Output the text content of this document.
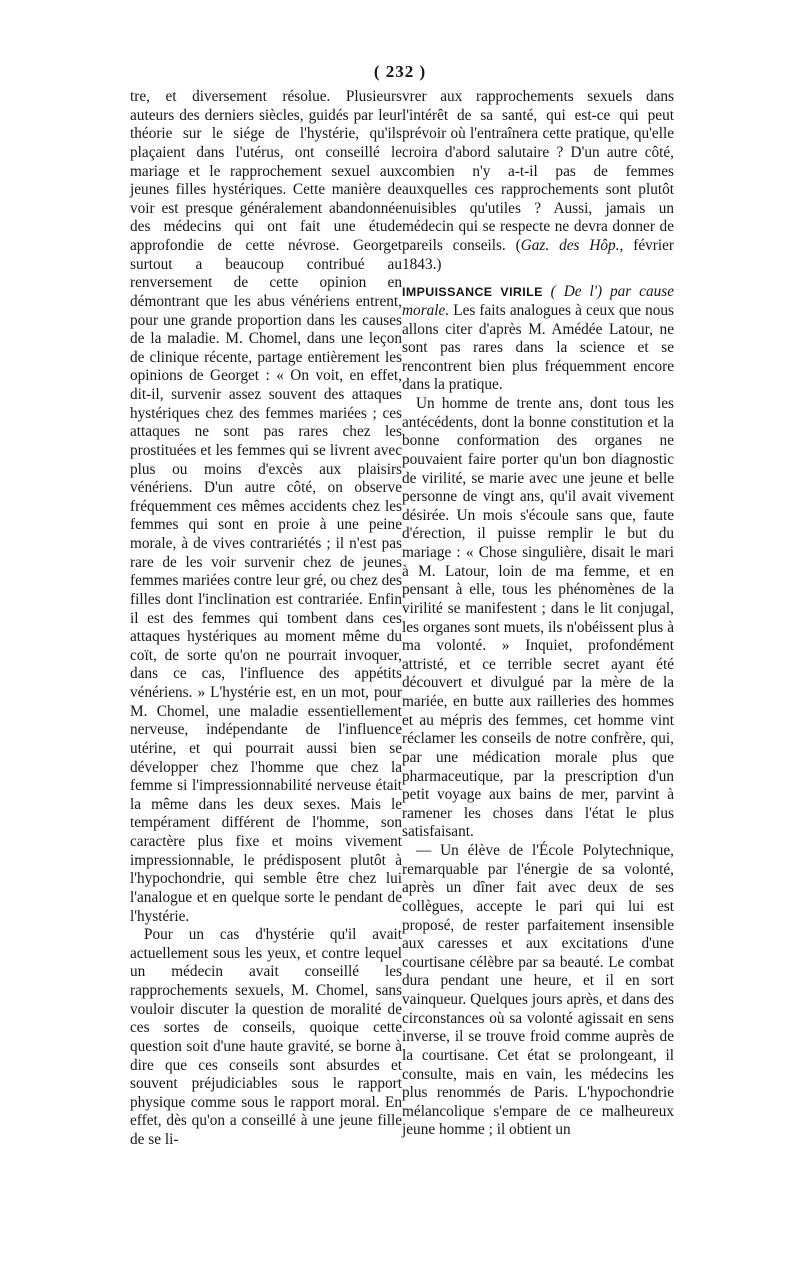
( 232 )

tre, et diversement résolue. Plusieurs auteurs des derniers siècles, guidés par leur théorie sur le siége de l'hystérie, qu'ils plaçaient dans l'utérus, ont conseillé le mariage et le rapprochement sexuel aux jeunes filles hystériques. Cette manière de voir est presque généralement abandonnée des médecins qui ont fait une étude approfondie de cette névrose. Georget surtout a beaucoup contribué au renversement de cette opinion en démontrant que les abus vénériens entrent, pour une grande proportion dans les causes de la maladie. M. Chomel, dans une leçon de clinique récente, partage entièrement les opinions de Georget : « On voit, en effet, dit-il, survenir assez souvent des attaques hystériques chez des femmes mariées ; ces attaques ne sont pas rares chez les prostituées et les femmes qui se livrent avec plus ou moins d'excès aux plaisirs vénériens. D'un autre côté, on observe fréquemment ces mêmes accidents chez les femmes qui sont en proie à une peine morale, à de vives contrariétés ; il n'est pas rare de les voir survenir chez de jeunes femmes mariées contre leur gré, ou chez des filles dont l'inclination est contrariée. Enfin il est des femmes qui tombent dans ces attaques hystériques au moment même du coït, de sorte qu'on ne pourrait invoquer, dans ce cas, l'influence des appétits vénériens. » L'hystérie est, en un mot, pour M. Chomel, une maladie essentiellement nerveuse, indépendante de l'influence utérine, et qui pourrait aussi bien se développer chez l'homme que chez la femme si l'impressionnabilité nerveuse était la même dans les deux sexes. Mais le tempérament différent de l'homme, son caractère plus fixe et moins vivement impressionnable, le prédisposent plutôt à l'hypochondrie, qui semble être chez lui l'analogue et en quelque sorte le pendant de l'hystérie.

Pour un cas d'hystérie qu'il avait actuellement sous les yeux, et contre lequel un médecin avait conseillé les rapprochements sexuels, M. Chomel, sans vouloir discuter la question de moralité de ces sortes de conseils, quoique cette question soit d'une haute gravité, se borne à dire que ces conseils sont absurdes et souvent préjudiciables sous le rapport physique comme sous le rapport moral. En effet, dès qu'on a conseillé à une jeune fille de se li-

vrer aux rapprochements sexuels dans l'intérêt de sa santé, qui est-ce qui peut prévoir où l'entraînera cette pratique, qu'elle croira d'abord salutaire ? D'un autre côté, combien n'y a-t-il pas de femmes auxquelles ces rapprochements sont plutôt nuisibles qu'utiles ? Aussi, jamais un médecin qui se respecte ne devra donner de pareils conseils. (Gaz. des Hôp., février 1843.)

IMPUISSANCE VIRILE ( De l') par cause morale. Les faits analogues à ceux que nous allons citer d'après M. Amédée Latour, ne sont pas rares dans la science et se rencontrent bien plus fréquemment encore dans la pratique.

Un homme de trente ans, dont tous les antécédents, dont la bonne constitution et la bonne conformation des organes ne pouvaient faire porter qu'un bon diagnostic de virilité, se marie avec une jeune et belle personne de vingt ans, qu'il avait vivement désirée. Un mois s'écoule sans que, faute d'érection, il puisse remplir le but du mariage : « Chose singulière, disait le mari à M. Latour, loin de ma femme, et en pensant à elle, tous les phénomènes de la virilité se manifestent ; dans le lit conjugal, les organes sont muets, ils n'obéissent plus à ma volonté. » Inquiet, profondément attristé, et ce terrible secret ayant été découvert et divulgué par la mère de la mariée, en butte aux railleries des hommes et au mépris des femmes, cet homme vint réclamer les conseils de notre confrère, qui, par une médication morale plus que pharmaceutique, par la prescription d'un petit voyage aux bains de mer, parvint à ramener les choses dans l'état le plus satisfaisant.

— Un élève de l'École Polytechnique, remarquable par l'énergie de sa volonté, après un dîner fait avec deux de ses collègues, accepte le pari qui lui est proposé, de rester parfaitement insensible aux caresses et aux excitations d'une courtisane célèbre par sa beauté. Le combat dura pendant une heure, et il en sort vainqueur. Quelques jours après, et dans des circonstances où sa volonté agissait en sens inverse, il se trouve froid comme auprès de la courtisane. Cet état se prolongeant, il consulte, mais en vain, les médecins les plus renommés de Paris. L'hypochondrie mélancolique s'empare de ce malheureux jeune homme ; il obtient un
